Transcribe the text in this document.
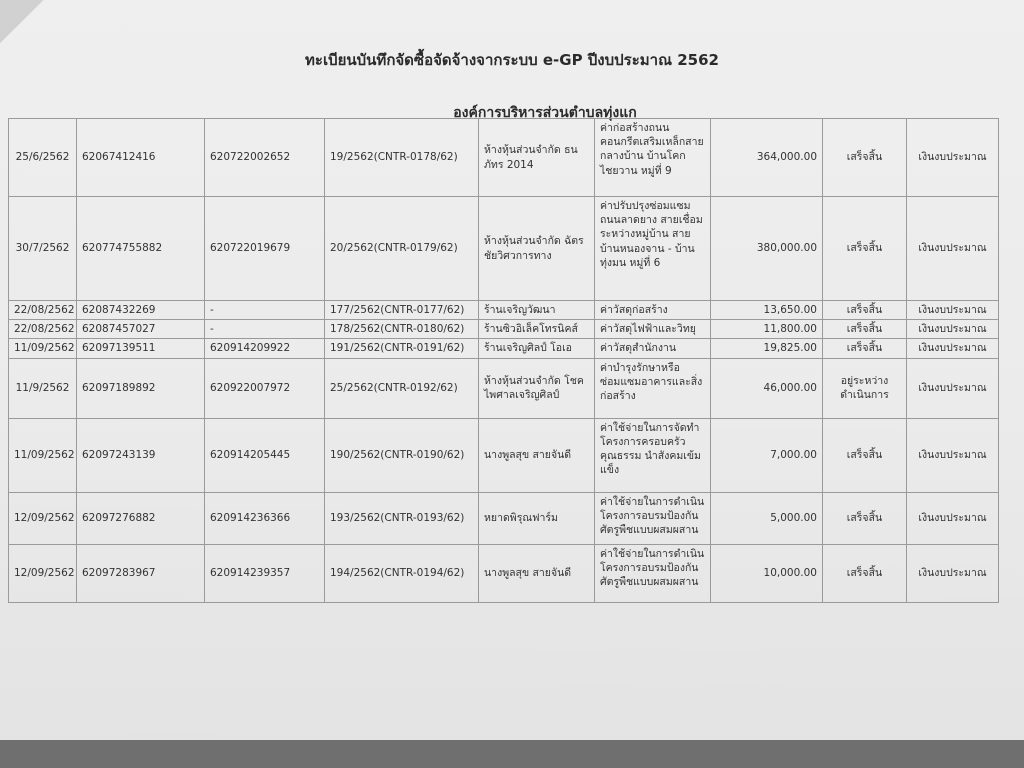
ทะเบียนบันทึกจัดซื้อจัดจ้างจากระบบ e-GP ปีงบประมาณ 2562
องค์การบริหารส่วนตำบลทุ่งแก
25/6/2562	62067412416	620722002652	19/2562(CNTR-0178/62)	ห้างหุ้นส่วนจำกัด ธนภัทร 2014	ค่าก่อสร้างถนนคอนกรีตเสริมเหล็กสายกลางบ้าน บ้านโคกไชยวาน หมู่ที่ 9	364,000.00	เสร็จสิ้น	เงินงบประมาณ
30/7/2562	620774755882	620722019679	20/2562(CNTR-0179/62)	ห้างหุ้นส่วนจำกัด ฉัตรชัยวิศวการทาง	ค่าปรับปรุงซ่อมแซมถนนลาดยาง สายเชื่อมระหว่างหมู่บ้าน สาย บ้านหนองจาน - บ้านทุ่งมน หมู่ที่ 6	380,000.00	เสร็จสิ้น	เงินงบประมาณ
22/08/2562	62087432269	-	177/2562(CNTR-0177/62)	ร้านเจริญวัฒนา	ค่าวัสดุก่อสร้าง	13,650.00	เสร็จสิ้น	เงินงบประมาณ
22/08/2562	62087457027	-	178/2562(CNTR-0180/62)	ร้านซิวอิเล็คโทรนิคส์	ค่าวัสดุไฟฟ้าและวิทยุ	11,800.00	เสร็จสิ้น	เงินงบประมาณ
11/09/2562	62097139511	620914209922	191/2562(CNTR-0191/62)	ร้านเจริญศิลป์ โอเอ	ค่าวัสดุสำนักงาน	19,825.00	เสร็จสิ้น	เงินงบประมาณ
11/9/2562	62097189892	620922007972	25/2562(CNTR-0192/62)	ห้างหุ้นส่วนจำกัด โชคไพศาลเจริญศิลป์	ค่าบำรุงรักษาหรือซ่อมแซมอาคารและสิ่งก่อสร้าง	46,000.00	อยู่ระหว่างดำเนินการ	เงินงบประมาณ
11/09/2562	62097243139	620914205445	190/2562(CNTR-0190/62)	นางพูลสุข สายจันดี	ค่าใช้จ่ายในการจัดทำโครงการครอบครัวคุณธรรม นำสังคมเข้มแข็ง	7,000.00	เสร็จสิ้น	เงินงบประมาณ
12/09/2562	62097276882	620914236366	193/2562(CNTR-0193/62)	หยาดพิรุณฟาร์ม	ค่าใช้จ่ายในการดำเนินโครงการอบรมป้องกันศัตรูพืชแบบผสมผสาน	5,000.00	เสร็จสิ้น	เงินงบประมาณ
12/09/2562	62097283967	620914239357	194/2562(CNTR-0194/62)	นางพูลสุข สายจันดี	ค่าใช้จ่ายในการดำเนินโครงการอบรมป้องกันศัตรูพืชแบบผสมผสาน	10,000.00	เสร็จสิ้น	เงินงบประมาณ
